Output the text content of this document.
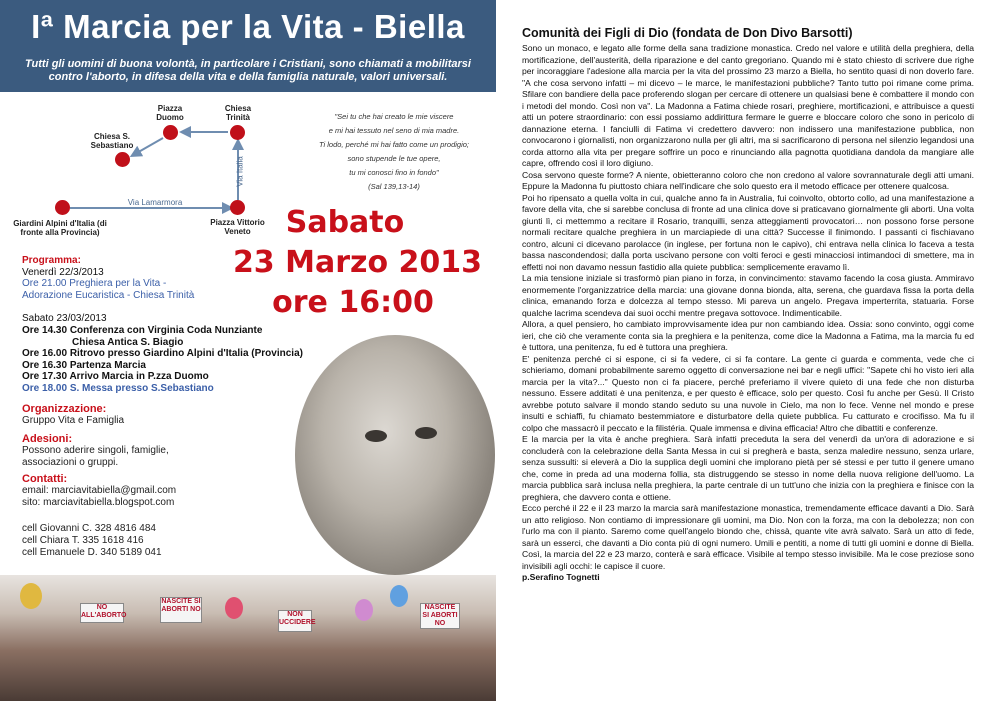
Iª Marcia per la Vita - Biella
Tutti gli uomini di buona volontà, in particolare i Cristiani, sono chiamati a mobilitarsi contro l'aborto, in difesa della vita e della famiglia naturale, valori universali.
Piazza Duomo
Chiesa Trinità
Chiesa S. Sebastiano
Via Italia
Via Lamarmora
Giardini Alpini d'Italia (di fronte alla Provincia)
Piazza Vittorio Veneto
"Sei tu che hai creato le mie viscere
e mi hai tessuto nel seno di mia madre.
Ti lodo, perché mi hai fatto come un prodigio;
sono stupende le tue opere,
tu mi conosci fino in fondo"
(Sal 139,13-14)
Sabato
23 Marzo 2013
ore 16:00
Programma:
Venerdì 22/3/2013
Ore 21.00 Preghiera per la Vita -
Adorazione Eucaristica - Chiesa Trinità
Sabato 23/03/2013
Ore 14.30 Conferenza con Virginia Coda Nunziante
Chiesa Antica S. Biagio
Ore 16.00 Ritrovo presso Giardino Alpini d'Italia (Provincia)
Ore 16.30 Partenza Marcia
Ore 17.30 Arrivo Marcia in P.zza Duomo
Ore 18.00 S. Messa presso S.Sebastiano
Organizzazione:
Gruppo Vita e Famiglia
Adesioni:
Possono aderire singoli, famiglie, associazioni o gruppi.
Contatti:
email: marciavitabiella@gmail.com
sito: marciavitabiella.blogspot.com
cell Giovanni C. 328 4816 484
cell Chiara T. 335 1618 416
cell Emanuele D. 340 5189 041
NO ALL'ABORTO
NASCITE SI ABORTI NO
NON UCCIDERE
NASCITE SI ABORTI NO
Comunità dei Figli di Dio (fondata de Don Divo Barsotti)

Sono un monaco, e legato alle forme della sana tradizione monastica. Credo nel valore e utilità della preghiera, della mortificazione, dell'austerità, della riparazione e del canto gregoriano. Quando mi è stato chiesto di scrivere due righe per incoraggiare l'adesione alla marcia per la vita del prossimo 23 marzo a Biella, ho sentito quasi di non doverlo fare. "A che cosa servono infatti – mi dicevo – le marce, le manifestazioni pubbliche? Tanto tutto poi rimane come prima. Sfilare con bandiere della pace proferendo slogan per cercare di ottenere un qualsiasi bene è combattere il mondo con i metodi del mondo. Così non va". La Madonna a Fatima chiede rosari, preghiere, mortificazioni, e attribuisce a questi atti un potere straordinario: con essi possiamo addirittura fermare le guerre e bloccare coloro che sono in pericolo di dannazione eterna. I fanciulli di Fatima vi credettero davvero: non indissero una manifestazione pubblica, non convocarono i giornalisti, non organizzarono nulla per gli altri, ma si sacrificarono di persona nel silenzio legandosi una corda attorno alla vita per pregare soffrire un poco e rinunciando alla pagnotta quotidiana dandola da mangiare alle capre, offrendo così il loro digiuno.

Cosa servono queste forme? A niente, obietteranno coloro che non credono al valore sovrannaturale degli atti umani. Eppure la Madonna fu piuttosto chiara nell'indicare che solo questo era il metodo efficace per ottenere qualcosa.

Poi ho ripensato a quella volta in cui, qualche anno fa in Australia, fui coinvolto, obtorto collo, ad una manifestazione a favore della vita, che si sarebbe conclusa di fronte ad una clinica dove si praticavano giornalmente gli aborti. Una volta giunti lì, ci mettemmo a recitare il Rosario, tranquilli, senza atteggiamenti provocatori… non possono forse persone normali recitare qualche preghiera in un marciapiede di una città? Successe il finimondo. I passanti ci fischiavano contro, alcuni ci dicevano parolacce (in inglese, per fortuna non le capivo), chi entrava nella clinica lo faceva a testa bassa nascondendosi; dalla porta uscivano persone con volti feroci e gesti minacciosi intimandoci di smettere, ma in effetti noi non davamo nessun fastidio alla quiete pubblica: semplicemente eravamo lì.

La mia tensione iniziale si trasformò pian piano in forza, in convincimento: stavamo facendo la cosa giusta. Ammiravo enormemente l'organizzatrice della marcia: una giovane donna bionda, alta, serena, che guardava fissa la porta della clinica, emanando forza e dolcezza al tempo stesso. Mi pareva un angelo. Pregava imperterrita, statuaria. Forse qualche lacrima scendeva dai suoi occhi mentre pregava sottovoce. Indimenticabile.

Allora, a quel pensiero, ho cambiato improvvisamente idea pur non cambiando idea. Ossia: sono convinto, oggi come ieri, che ciò che veramente conta sia la preghiera e la penitenza, come dice la Madonna a Fatima, ma la marcia fu ed è tuttora, una penitenza, fu ed è tuttora una preghiera.

E' penitenza perché ci si espone, ci si fa vedere, ci si fa contare. La gente ci guarda e commenta, vede che ci schieriamo, domani probabilmente saremo oggetto di conversazione nei bar e negli uffici: "Sapete chi ho visto ieri alla marcia per la vita?..." Questo non ci fa piacere, perché preferiamo il vivere quieto di una fede che non disturba nessuno. Essere additati è una penitenza, e per questo è efficace, solo per questo. Così fu anche per Gesù. Il Cristo avrebbe potuto salvare il mondo stando seduto su una nuvole in Cielo, ma non lo fece. Venne nel mondo e prese insulti e schiaffi, fu chiamato bestemmiatore e disturbatore della quiete pubblica. Fu catturato e crocifisso. Ma fu il colpo che massacrò il peccato e la filistéria. Quale immensa e divina efficacia! Altro che dibattiti e conferenze.

E la marcia per la vita è anche preghiera. Sarà infatti preceduta la sera del venerdì da un'ora di adorazione e si concluderà con la celebrazione della Santa Messa in cui si pregherà e basta, senza maledire nessuno, senza urlare, senza sussulti: si eleverà a Dio la supplica degli uomini che implorano pietà per sé stessi e per tutto il genere umano che, come in preda ad una moderna follia, sta distruggendo se stesso in nome della nuova religione dell'uomo. La marcia pubblica sarà inclusa nella preghiera, la parte centrale di un tutt'uno che inizia con la preghiera e finisce con la preghiera, che davvero conta e ottiene.

Ecco perché il 22 e il 23 marzo la marcia sarà manifestazione monastica, tremendamente efficace davanti a Dio. Sarà un atto religioso. Non contiamo di impressionare gli uomini, ma Dio. Non con la forza, ma con la debolezza; non con l'urlo ma con il pianto. Saremo come quell'angelo biondo che, chissà, quante vite avrà salvato. Sarà un atto di fede, sarà un esserci, che davanti a Dio conta più di ogni numero. Umili e pentiti, a nome di tutti gli uomini e donne di Biella. Così, la marcia del 22 e 23 marzo, conterà e sarà efficace. Visibile al tempo stesso invisibile. Ma le cose preziose sono invisibili agli occhi: le capisce il cuore.

p.Serafino Tognetti
